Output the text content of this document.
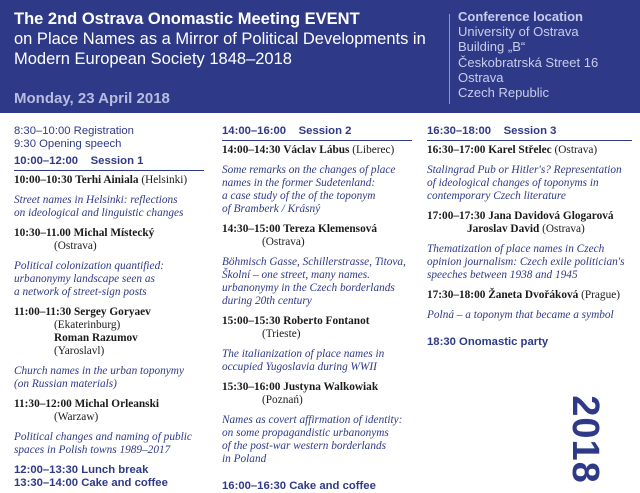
The 2nd Ostrava Onomastic Meeting EVENT
on Place Names as a Mirror of Political Developments in
Modern European Society 1848–2018
Monday, 23 April 2018
Conference location
University of Ostrava
Building „B“
Českobratrská Street 16
Ostrava
Czech Republic
8:30–10:00 Registration
9:30 Opening speech
10:00–12:00 Session 1
10:00–10:30 Terhi Ainiala (Helsinki)
Street names in Helsinki: reflections
on ideological and linguistic changes
10:30–11.00 Michal Místecký
(Ostrava)
Political colonization quantified:
urbanonymy landscape seen as
a network of street-sign posts
11:00–11:30 Sergey Goryaev
(Ekaterinburg)
Roman Razumov
(Yaroslavl)
Church names in the urban toponymy
(on Russian materials)
11:30–12:00 Michal Orleanski
(Warzaw)
Political changes and naming of public
spaces in Polish towns 1989–2017
12:00–13:30 Lunch break
13:30–14:00 Cake and coffee
14:00–16:00 Session 2
14:00–14:30 Václav Lábus (Liberec)
Some remarks on the changes of place
names in the former Sudetenland:
a case study of the of the toponym
of Bramberk / Krásný
14:30–15:00 Tereza Klemensová
(Ostrava)
Böhmisch Gasse, Schillerstrasse, Titova,
Školní – one street, many names.
urbanonymy in the Czech borderlands
during 20th century
15:00–15:30 Roberto Fontanot
(Trieste)
The italianization of place names in
occupied Yugoslavia during WWII
15:30–16:00 Justyna Walkowiak
(Poznań)
Names as covert affirmation of identity:
on some propagandistic urbanonyms
of the post-war western borderlands
in Poland
16:00–16:30 Cake and coffee
16:30–18:00 Session 3
16:30–17:00 Karel Střelec (Ostrava)
Stalingrad Pub or Hitler's? Representation
of ideological changes of toponyms in
contemporary Czech literature
17:00–17:30 Jana Davidová Glogarová
Jaroslav David (Ostrava)
Thematization of place names in Czech
opinion journalism: Czech exile politician's
speeches between 1938 and 1945
17:30–18:00 Žaneta Dvořáková (Prague)
Polná – a toponym that became a symbol
18:30 Onomastic party
2018
